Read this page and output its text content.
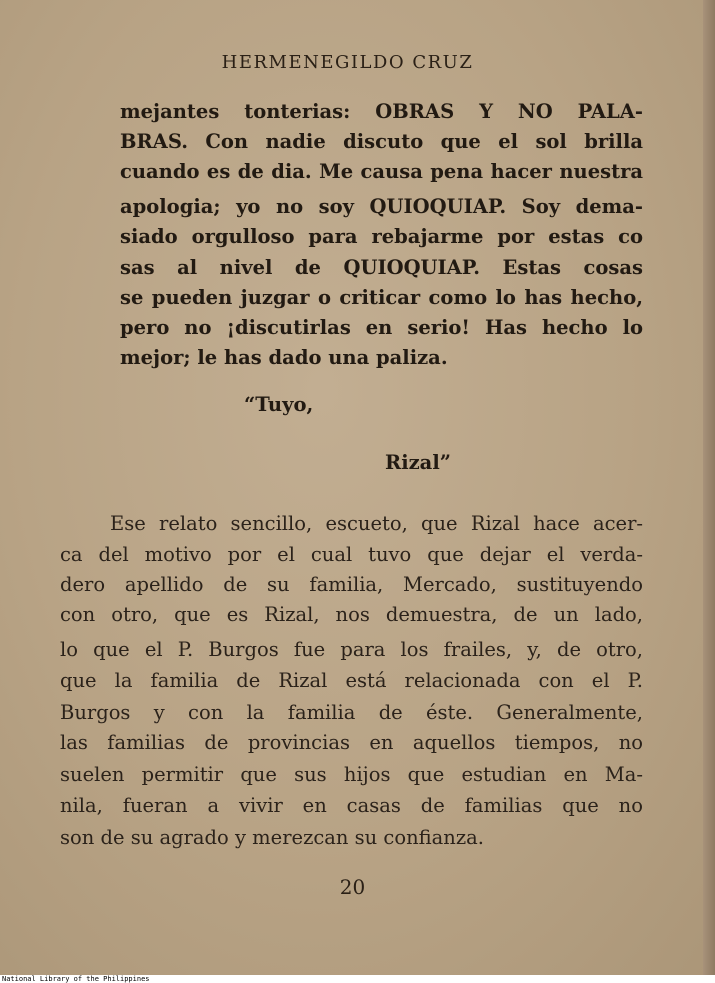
HERMENEGILDO CRUZ
mejantes tonterias: OBRAS Y NO PALA-
BRAS. Con nadie discuto que el sol brilla
cuando es de dia. Me causa pena hacer nuestra
apologia; yo no soy QUIOQUIAP. Soy dema-
siado orgulloso para rebajarme por estas co
sas al nivel de QUIOQUIAP. Estas cosas
se pueden juzgar o criticar como lo has hecho,
pero no ¡discutirlas en serio! Has hecho lo
mejor; le has dado una paliza.
“Tuyo,
Rizal”
Ese relato sencillo, escueto, que Rizal hace acer-
ca del motivo por el cual tuvo que dejar el verda-
dero apellido de su familia, Mercado, sustituyendo
con otro, que es Rizal, nos demuestra, de un lado,
lo que el P. Burgos fue para los frailes, y, de otro,
que la familia de Rizal está relacionada con el P.
Burgos y con la familia de éste. Generalmente,
las familias de provincias en aquellos tiempos, no
suelen permitir que sus hijos que estudian en Ma-
nila, fueran a vivir en casas de familias que no
son de su agrado y merezcan su confianza.
20
National Library of the Philippines
